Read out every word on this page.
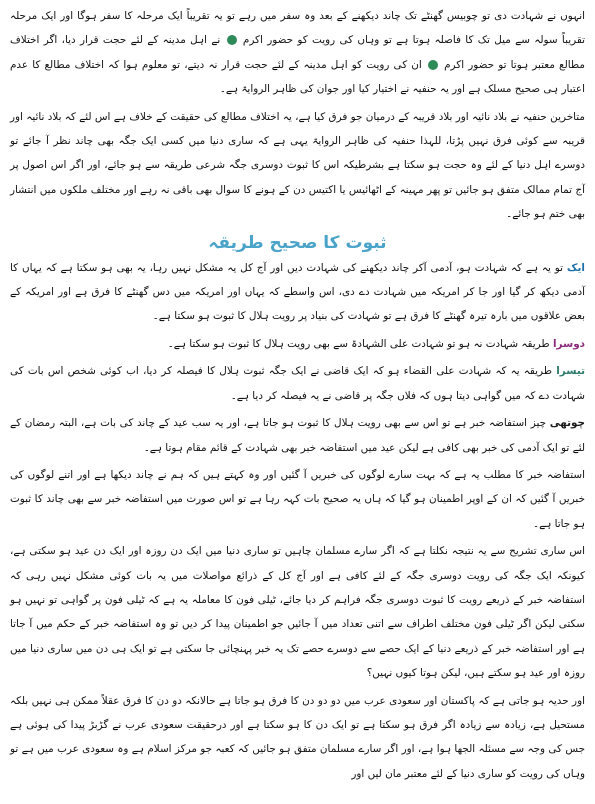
انہوں نے شہادت دی تو چوبیس گھنٹے تک چاند دیکھنے کے بعد وہ سفر میں رہے تو یہ تقریباً ایک مرحلہ کا سفر ہوگا اور ایک مرحلہ تقریباً سولہ سے میل تک کا فاصلہ ہوتا ہے تو وہاں کی رویت کو حضور اکرم  نے اہل مدینہ کے لئے حجت قرار دیا، اگر اختلاف مطالع معتبر ہوتا تو حضور اکرم  ان کی رویت کو اہل مدینہ کے لئے حجت قرار نہ دیتے، تو معلوم ہوا کہ اختلاف مطالع کا عدم اعتبار ہی صحیح مسلک ہے اور یہ حنفیہ نے اختیار کیا اور جوان کی ظاہر الروایۃ ہے۔

متاخرین حنفیہ نے بلاد نائیہ اور بلاد قریبہ کے درمیان جو فرق کیا ہے، یہ اختلاف مطالع کی حقیقت کے خلاف ہے اس لئے کہ بلاد نائیہ اور قریبہ سے کوئی فرق نہیں پڑتا، للہذا حنفیہ کی ظاہر الروایۃ یہی ہے کہ ساری دنیا میں کسی ایک جگہ بھی چاند نظر آ جائے تو دوسرے اہل دنیا کے لئے وہ حجت ہو سکتا ہے بشرطیکہ اس کا ثبوت دوسری جگہ شرعی طریقہ سے ہو جائے، اور اگر اس اصول پر آج تمام ممالک متفق ہو جائیں تو پھر مہینہ کے اٹھائیس یا اکتیس دن کے ہونے کا سوال بھی باقی نہ رہے اور مختلف ملکوں میں انتشار بھی ختم ہو جائے۔

ثبوت کا صحیح طریقہ

ایک تو یہ ہے کہ شہادت ہو، آدمی آکر چاند دیکھنے کی شہادت دیں اور آج کل یہ مشکل نہیں رہا، یہ بھی ہو سکتا ہے کہ یہاں کا آدمی دیکھ کر گیا اور جا کر امریکہ میں شہادت دے دی، اس واسطے کہ یہاں اور امریکہ میں دس گھنٹے کا فرق ہے اور امریکہ کے بعض علاقوں میں بارہ تیرہ گھنٹے کا فرق ہے تو شہادت کی بنیاد پر رویت ہلال کا ثبوت ہو سکتا ہے۔

دوسرا طریقہ شہادت نہ ہو تو شہادت علی الشہادۃ سے بھی رویت ہلال کا ثبوت ہو سکتا ہے۔

تیسرا طریقہ یہ کہ شہادت علی القضاء ہو کہ ایک قاضی نے ایک جگہ ثبوت ہلال کا فیصلہ کر دیا، اب کوئی شخص اس بات کی شہادت دے کہ میں گواہی دیتا ہوں کہ فلاں جگہ پر قاضی نے یہ فیصلہ کر دیا ہے۔

چوتھی چیز استفاضہ خبر ہے تو اس سے بھی رویت ہلال کا ثبوت ہو جاتا ہے، اور یہ سب عید کے چاند کی بات ہے، البتہ رمضان کے لئے تو ایک آدمی کی خبر بھی کافی ہے لیکن عید میں استفاضہ خبر بھی شہادت کے قائم مقام ہوتا ہے۔

استفاضہ خبر کا مطلب یہ ہے کہ بہت سارے لوگوں کی خبریں آ گئیں اور وہ کہتے ہیں کہ ہم نے چاند دیکھا ہے اور اتنے لوگوں کی خبریں آ گئیں کہ ان کے اوپر اطمینان ہو گیا کہ ہاں یہ صحیح بات کہہ رہا ہے تو اس صورت میں استفاضہ خبر سے بھی چاند کا ثبوت ہو جاتا ہے۔

اس ساری تشریح سے یہ نتیجہ نکلتا ہے کہ اگر سارے مسلمان چاہیں تو ساری دنیا میں ایک دن روزہ اور ایک دن عید ہو سکتی ہے، کیونکہ ایک جگہ کی رویت دوسری جگہ کے لئے کافی ہے اور آج کل کے ذرائع مواصلات میں یہ بات کوئی مشکل نہیں رہی کہ استفاضہ خبر کے ذریعے رویت کا ثبوت دوسری جگہ فراہم کر دیا جائے، ٹیلی فون کا معاملہ یہ ہے کہ ٹیلی فون پر گواہی تو نہیں ہو سکتی لیکن اگر ٹیلی فون مختلف اطراف سے اتنی تعداد میں آ جائیں جو اطمینان پیدا کر دیں تو وہ استفاضہ خبر کے حکم میں آ جاتا ہے اور استفاضہ خبر کے ذریعے دنیا کے ایک حصے سے دوسرے حصے تک یہ خبر پہنچائی جا سکتی ہے تو ایک ہی دن میں ساری دنیا میں روزہ اور عید ہو سکتے ہیں، لیکن ہوتا کیوں نہیں؟

اور حدیہ ہو جاتی ہے کہ پاکستان اور سعودی عرب میں دو دو دن کا فرق ہو جاتا ہے حالانکہ دو دن کا فرق عقلاً ممکن ہی نہیں بلکہ مستحیل ہے، زیادہ سے زیادہ اگر فرق ہو سکتا ہے تو ایک دن کا ہو سکتا ہے اور درحقیقت سعودی عرب نے گڑبڑ پیدا کی ہوئی ہے جس کی وجہ سے مسئلہ الجھا ہوا ہے، اور اگر سارے مسلمان متفق ہو جائیں کہ کعبہ جو مرکز اسلام ہے وہ سعودی عرب میں ہے تو وہاں کی رویت کو ساری دنیا کے لئے معتبر مان لیں اور
